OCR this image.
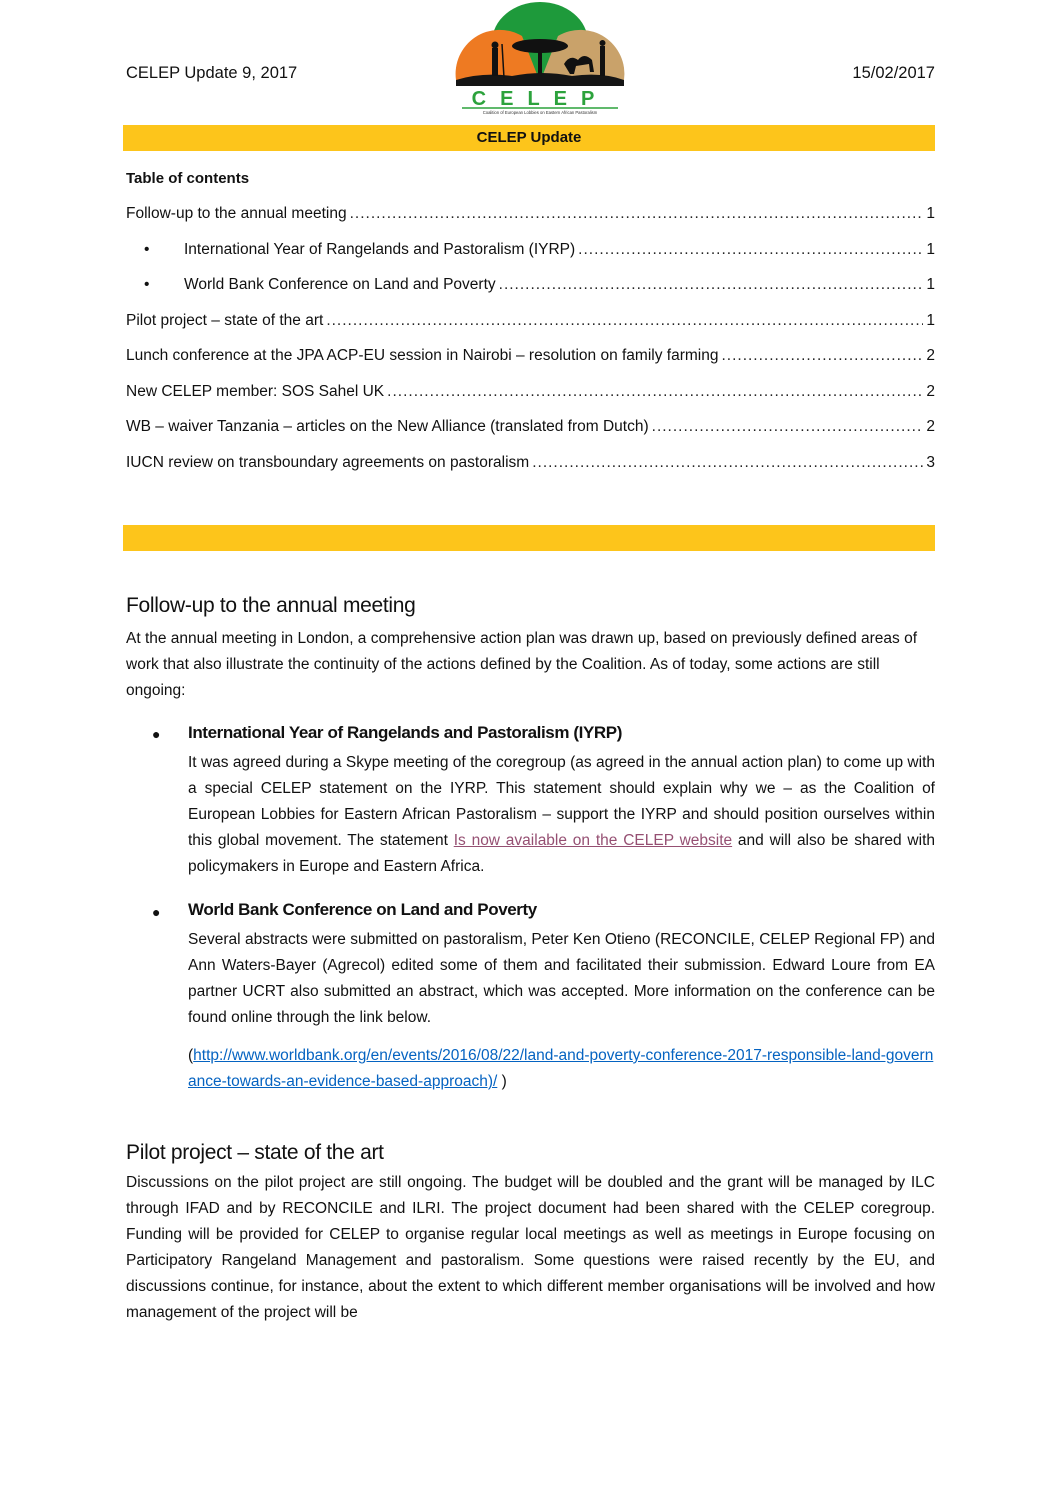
CELEP Update 9, 2017	15/02/2017
CELEP
Coalition of European Lobbies on Eastern African Pastoralism
CELEP Update
Table of contents
Follow-up to the annual meeting .....	1
•	International Year of Rangelands and Pastoralism (IYRP) .....	1
•	World Bank Conference on Land and Poverty .....	1
Pilot project – state of the art .....	1
Lunch conference at the JPA ACP-EU session in Nairobi – resolution on family farming .....	2
New CELEP member: SOS Sahel UK .....	2
WB – waiver Tanzania – articles on the New Alliance (translated from Dutch) .....	2
IUCN review on transboundary agreements on pastoralism .....	3
Follow-up to the annual meeting
At the annual meeting in London, a comprehensive action plan was drawn up, based on previously defined areas of work that also illustrate the continuity of the actions defined by the Coalition. As of today, some actions are still ongoing:
● International Year of Rangelands and Pastoralism (IYRP)
It was agreed during a Skype meeting of the coregroup (as agreed in the annual action plan) to come up with a special CELEP statement on the IYRP. This statement should explain why we – as the Coalition of European Lobbies for Eastern African Pastoralism – support the IYRP and should position ourselves within this global movement. The statement Is now available on the CELEP website and will also be shared with policymakers in Europe and Eastern Africa.
● World Bank Conference on Land and Poverty
Several abstracts were submitted on pastoralism, Peter Ken Otieno (RECONCILE, CELEP Regional FP) and Ann Waters-Bayer (Agrecol) edited some of them and facilitated their submission. Edward Loure from EA partner UCRT also submitted an abstract, which was accepted. More information on the conference can be found online through the link below.
(http://www.worldbank.org/en/events/2016/08/22/land-and-poverty-conference-2017-responsible-land-governance-towards-an-evidence-based-approach)/ )
Pilot project – state of the art
Discussions on the pilot project are still ongoing. The budget will be doubled and the grant will be managed by ILC through IFAD and by RECONCILE and ILRI. The project document had been shared with the CELEP coregroup. Funding will be provided for CELEP to organise regular local meetings as well as meetings in Europe focusing on Participatory Rangeland Management and pastoralism. Some questions were raised recently by the EU, and discussions continue, for instance, about the extent to which different member organisations will be involved and how management of the project will be
